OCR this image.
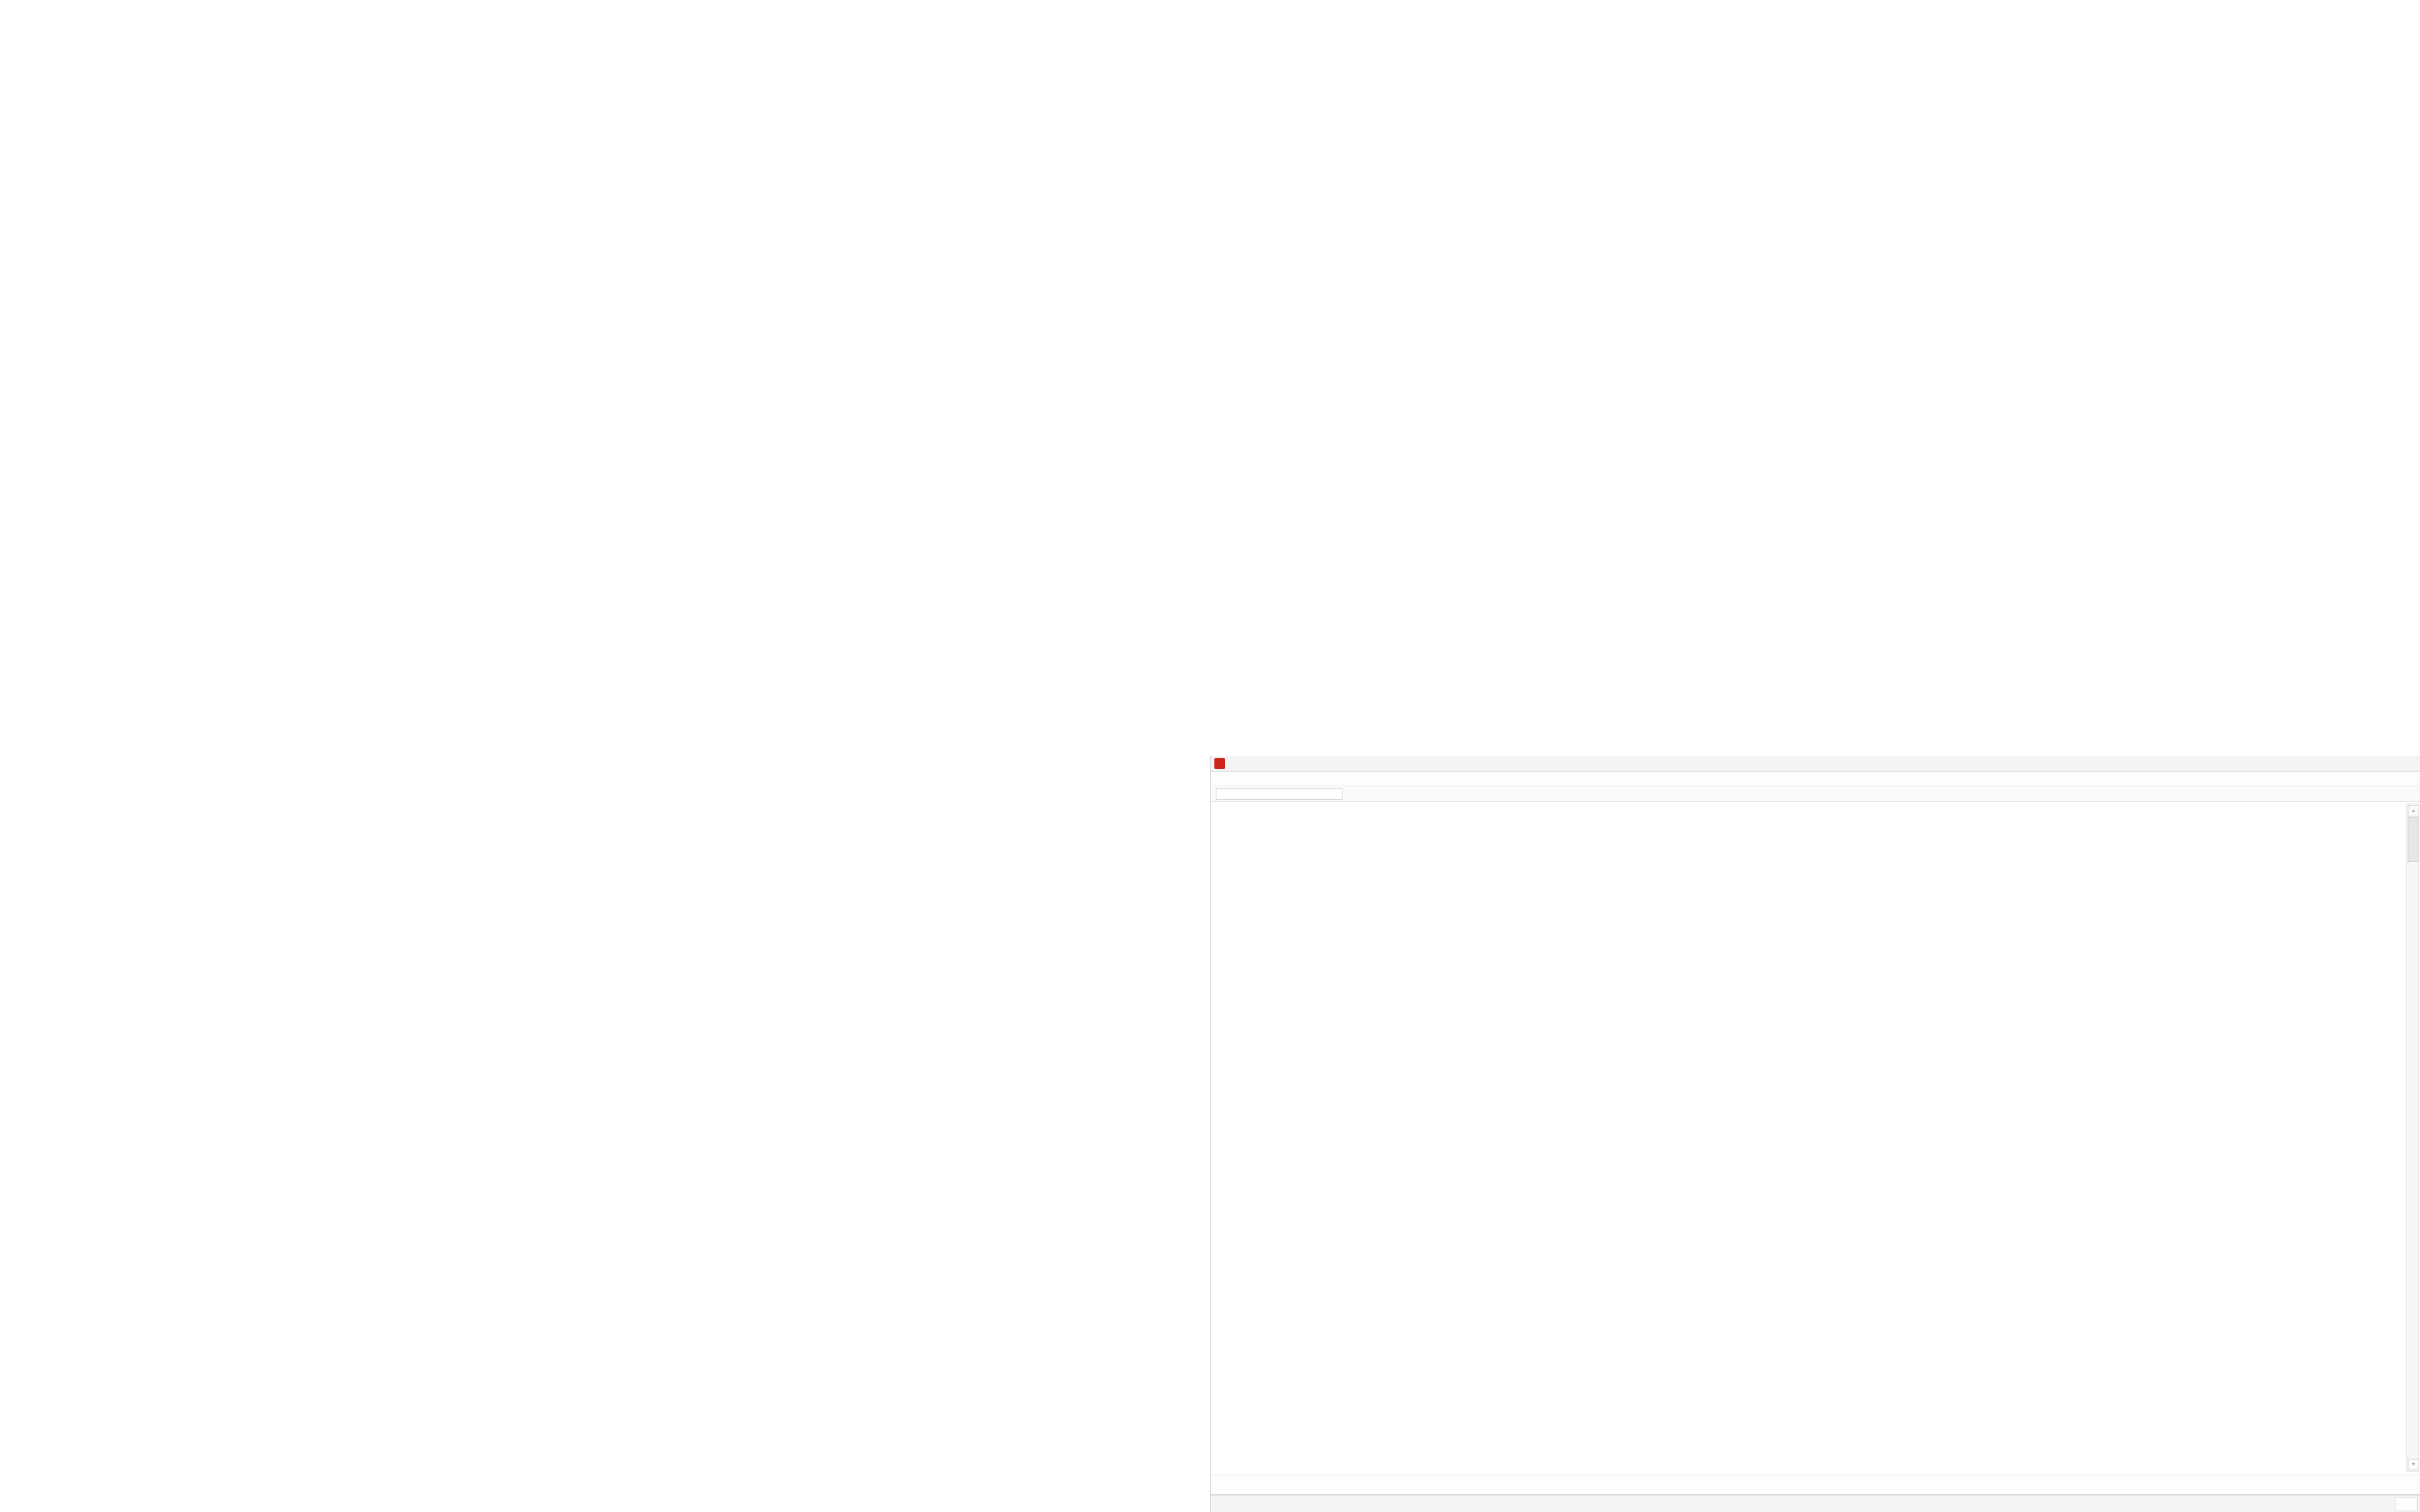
▴
▾
